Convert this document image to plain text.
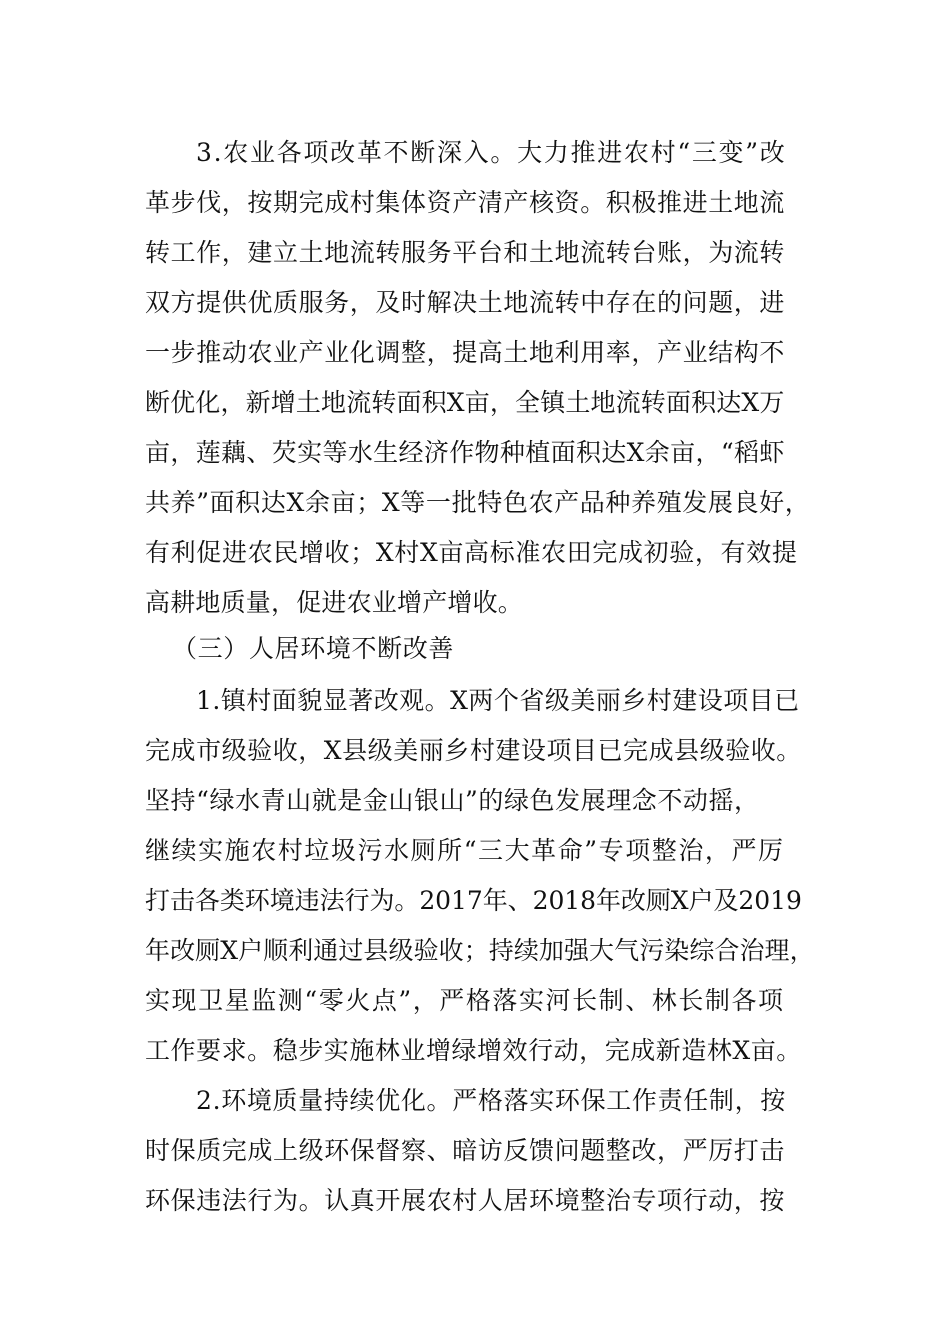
3.农业各项改革不断深入。大力推进农村“三变”改
革步伐，按期完成村集体资产清产核资。积极推进土地流
转工作，建立土地流转服务平台和土地流转台账，为流转
双方提供优质服务，及时解决土地流转中存在的问题，进
一步推动农业产业化调整，提高土地利用率，产业结构不
断优化，新增土地流转面积X亩，全镇土地流转面积达X万
亩，莲藕、芡实等水生经济作物种植面积达X余亩，“稻虾
共养”面积达X余亩；X等一批特色农产品种养殖发展良好，
有利促进农民增收；X村X亩高标准农田完成初验，有效提
高耕地质量，促进农业增产增收。
（三）人居环境不断改善
1.镇村面貌显著改观。X两个省级美丽乡村建设项目已
完成市级验收，X县级美丽乡村建设项目已完成县级验收。
坚持“绿水青山就是金山银山”的绿色发展理念不动摇，
继续实施农村垃圾污水厕所“三大革命”专项整治，严厉
打击各类环境违法行为。2017年、2018年改厕X户及2019
年改厕X户顺利通过县级验收；持续加强大气污染综合治理，
实现卫星监测“零火点”，严格落实河长制、林长制各项
工作要求。稳步实施林业增绿增效行动，完成新造林X亩。
2.环境质量持续优化。严格落实环保工作责任制，按
时保质完成上级环保督察、暗访反馈问题整改，严厉打击
环保违法行为。认真开展农村人居环境整治专项行动，按
